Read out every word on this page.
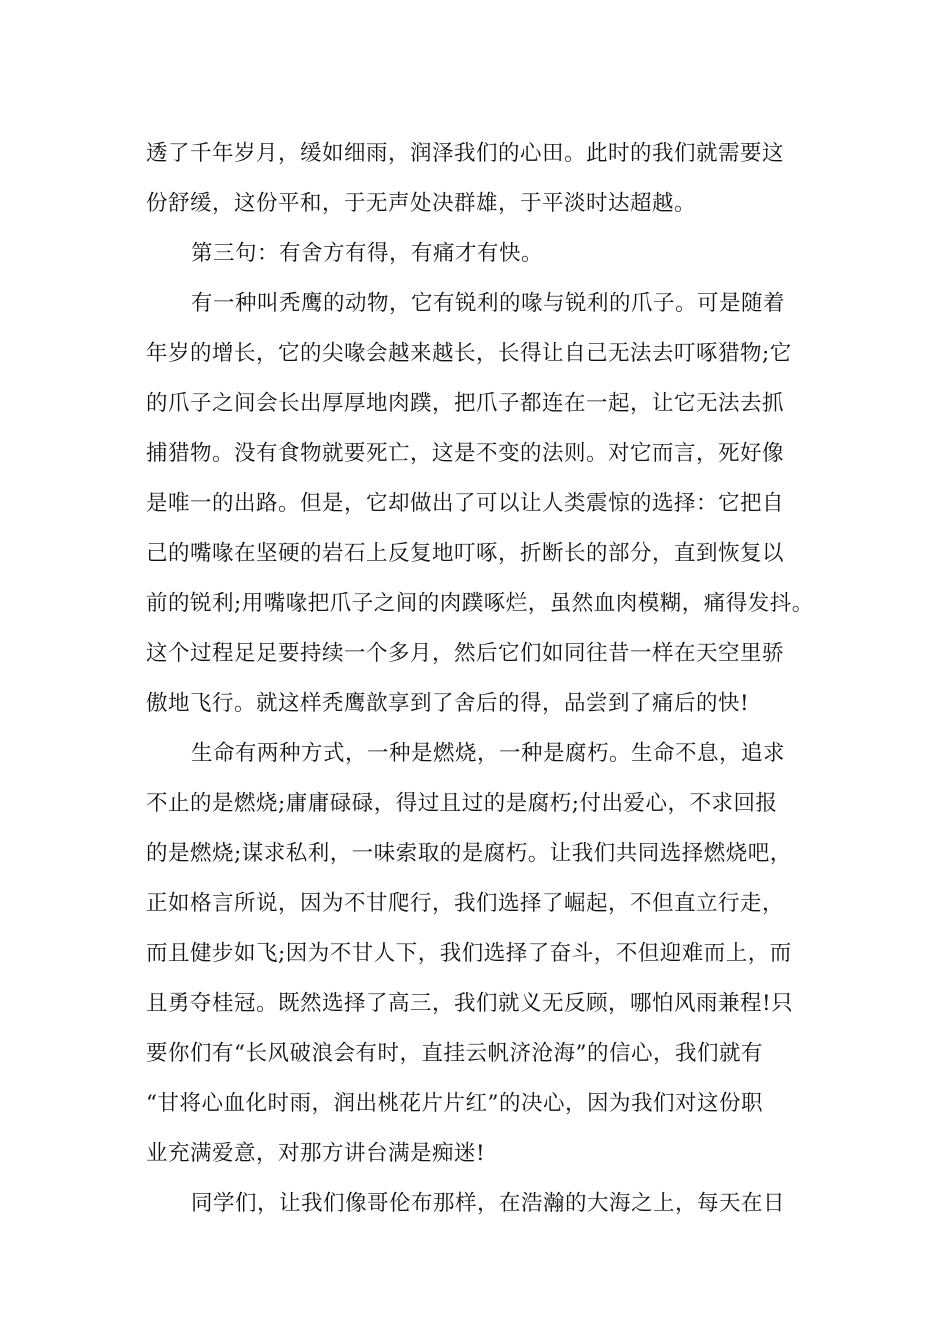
透了千年岁月，缓如细雨，润泽我们的心田。此时的我们就需要这
份舒缓，这份平和，于无声处决群雄，于平淡时达超越。
第三句：有舍方有得，有痛才有快。
有一种叫秃鹰的动物，它有锐利的喙与锐利的爪子。可是随着
年岁的增长，它的尖喙会越来越长，长得让自己无法去叮啄猎物;它
的爪子之间会长出厚厚地肉蹼，把爪子都连在一起，让它无法去抓
捕猎物。没有食物就要死亡，这是不变的法则。对它而言，死好像
是唯一的出路。但是，它却做出了可以让人类震惊的选择：它把自
己的嘴喙在坚硬的岩石上反复地叮啄，折断长的部分，直到恢复以
前的锐利;用嘴喙把爪子之间的肉蹼啄烂，虽然血肉模糊，痛得发抖。
这个过程足足要持续一个多月，然后它们如同往昔一样在天空里骄
傲地飞行。就这样秃鹰歆享到了舍后的得，品尝到了痛后的快!
生命有两种方式，一种是燃烧，一种是腐朽。生命不息，追求
不止的是燃烧;庸庸碌碌，得过且过的是腐朽;付出爱心，不求回报
的是燃烧;谋求私利，一味索取的是腐朽。让我们共同选择燃烧吧，
正如格言所说，因为不甘爬行，我们选择了崛起，不但直立行走，
而且健步如飞;因为不甘人下，我们选择了奋斗，不但迎难而上，而
且勇夺桂冠。既然选择了高三，我们就义无反顾，哪怕风雨兼程!只
要你们有“长风破浪会有时，直挂云帆济沧海”的信心，我们就有
“甘将心血化时雨，润出桃花片片红”的决心，因为我们对这份职
业充满爱意，对那方讲台满是痴迷!
同学们，让我们像哥伦布那样，在浩瀚的大海之上，每天在日
